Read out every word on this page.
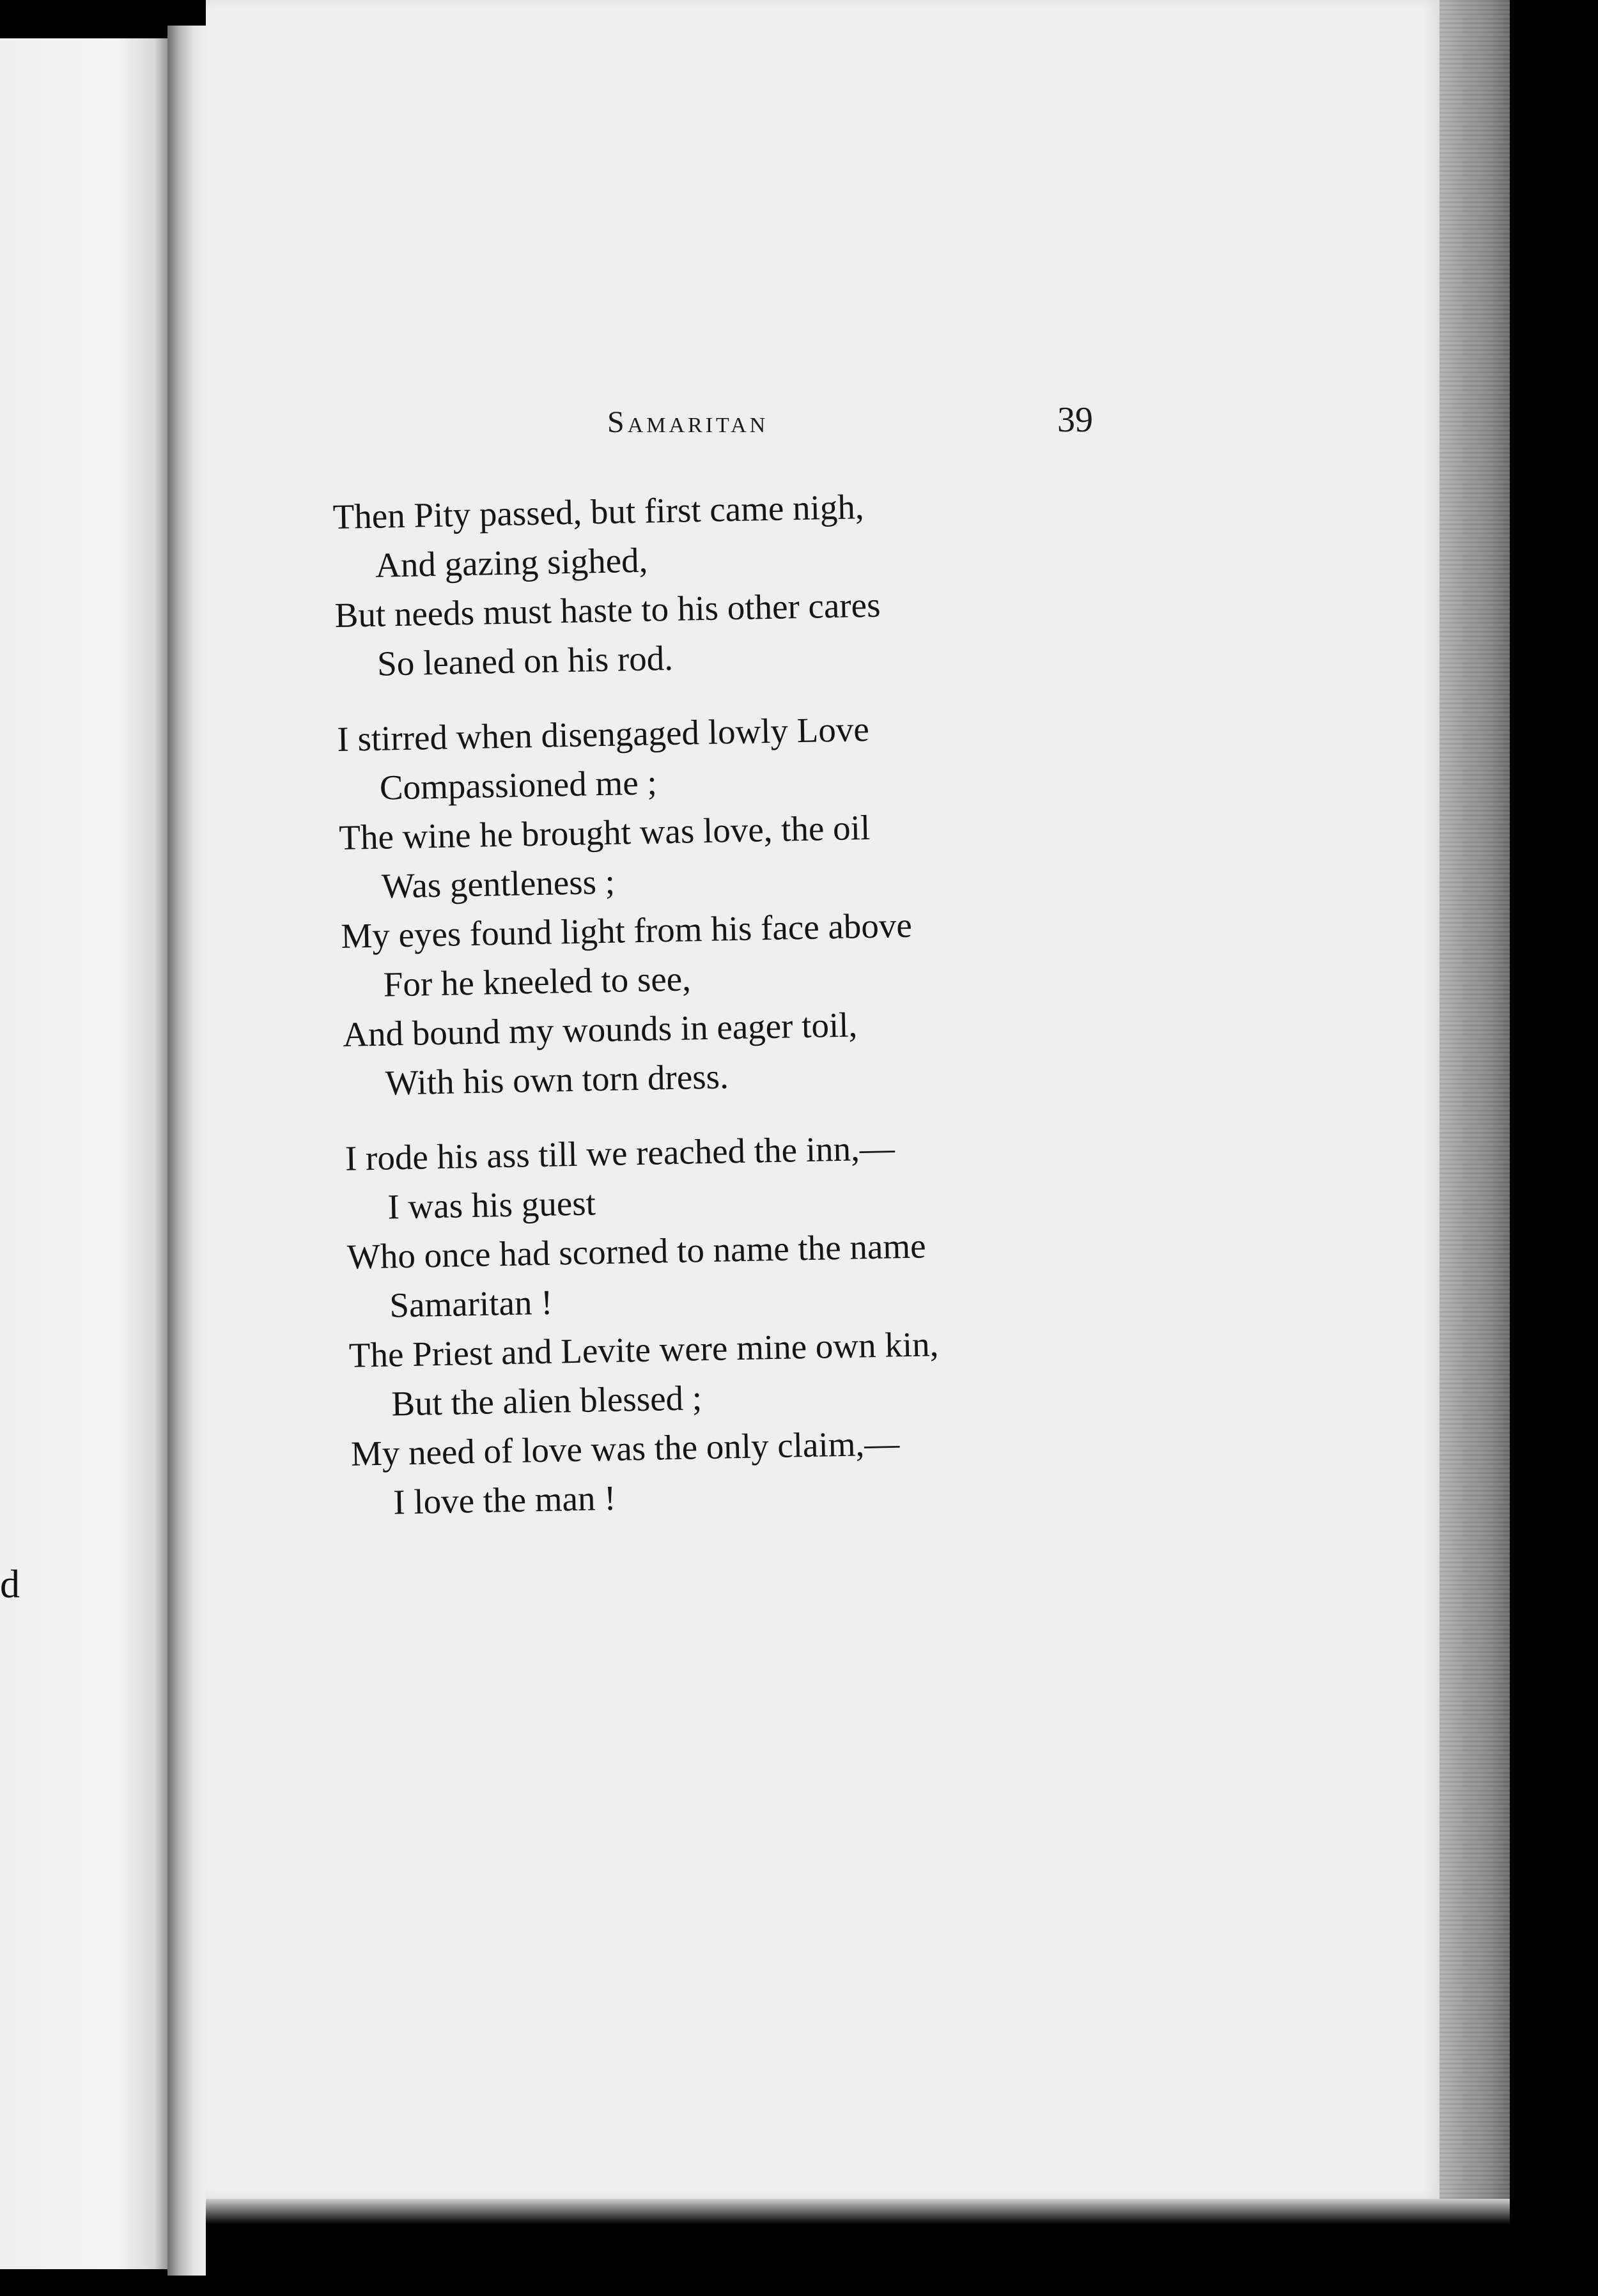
d
Samaritan	39
Then Pity passed, but first came nigh,
And gazing sighed,
But needs must haste to his other cares
So leaned on his rod.
I stirred when disengaged lowly Love
Compassioned me ;
The wine he brought was love, the oil
Was gentleness ;
My eyes found light from his face above
For he kneeled to see,
And bound my wounds in eager toil,
With his own torn dress.
I rode his ass till we reached the inn,—
I was his guest
Who once had scorned to name the name
Samaritan !
The Priest and Levite were mine own kin,
But the alien blessed ;
My need of love was the only claim,—
I love the man !
